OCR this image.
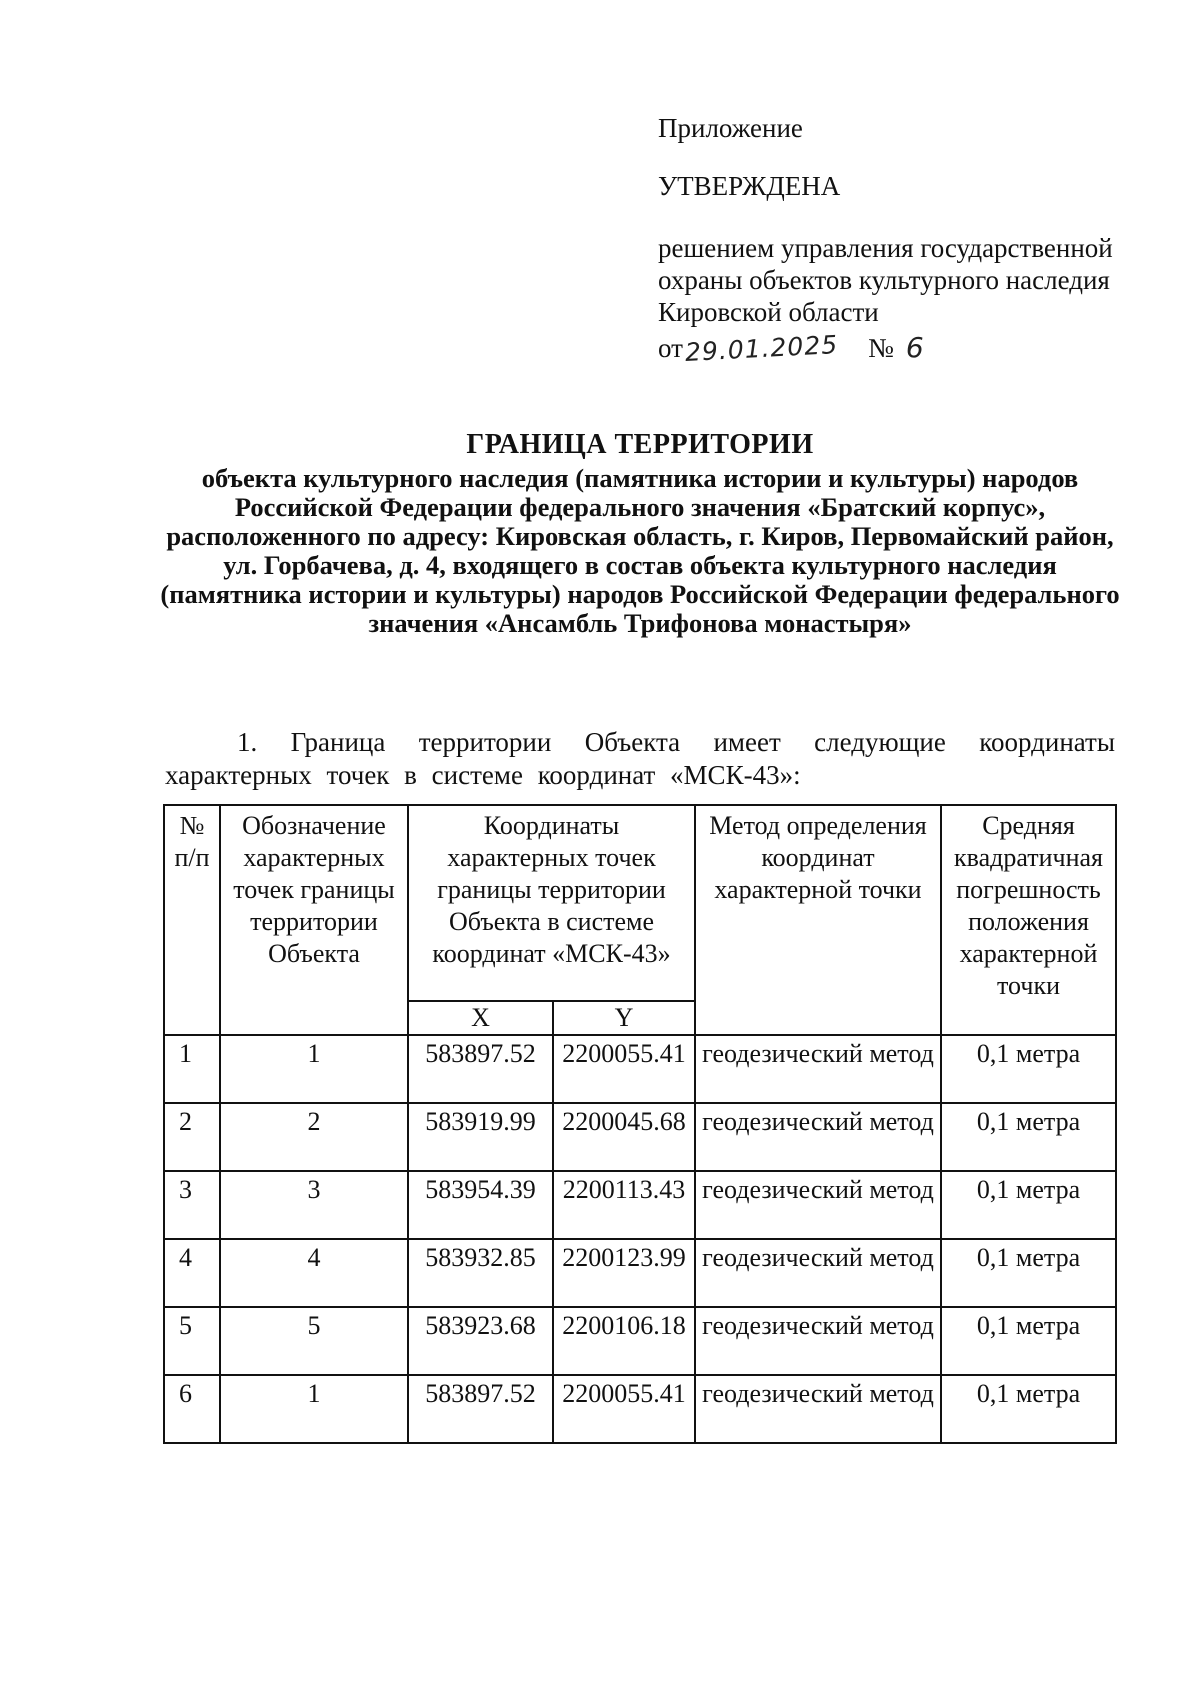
Приложение

УТВЕРЖДЕНА

решением управления государственной охраны объектов культурного наследия Кировской области

от 29.01.2025 № 6
ГРАНИЦА ТЕРРИТОРИИ
объекта культурного наследия (памятника истории и культуры) народов Российской Федерации федерального значения «Братский корпус», расположенного по адресу: Кировская область, г. Киров, Первомайский район, ул. Горбачева, д. 4, входящего в состав объекта культурного наследия (памятника истории и культуры) народов Российской Федерации федерального значения «Ансамбль Трифонова монастыря»
1. Граница территории Объекта имеет следующие координаты характерных точек в системе координат «МСК-43»:
№ п/п	Обозначение характерных точек границы территории Объекта	Координаты характерных точек границы территории Объекта в системе координат «МСК-43»		Метод определения координат характерной точки	Средняя квадратичная погрешность положения характерной точки
		X	Y		
1	1	583897.52	2200055.41	геодезический метод	0,1 метра
2	2	583919.99	2200045.68	геодезический метод	0,1 метра
3	3	583954.39	2200113.43	геодезический метод	0,1 метра
4	4	583932.85	2200123.99	геодезический метод	0,1 метра
5	5	583923.68	2200106.18	геодезический метод	0,1 метра
6	1	583897.52	2200055.41	геодезический метод	0,1 метра
